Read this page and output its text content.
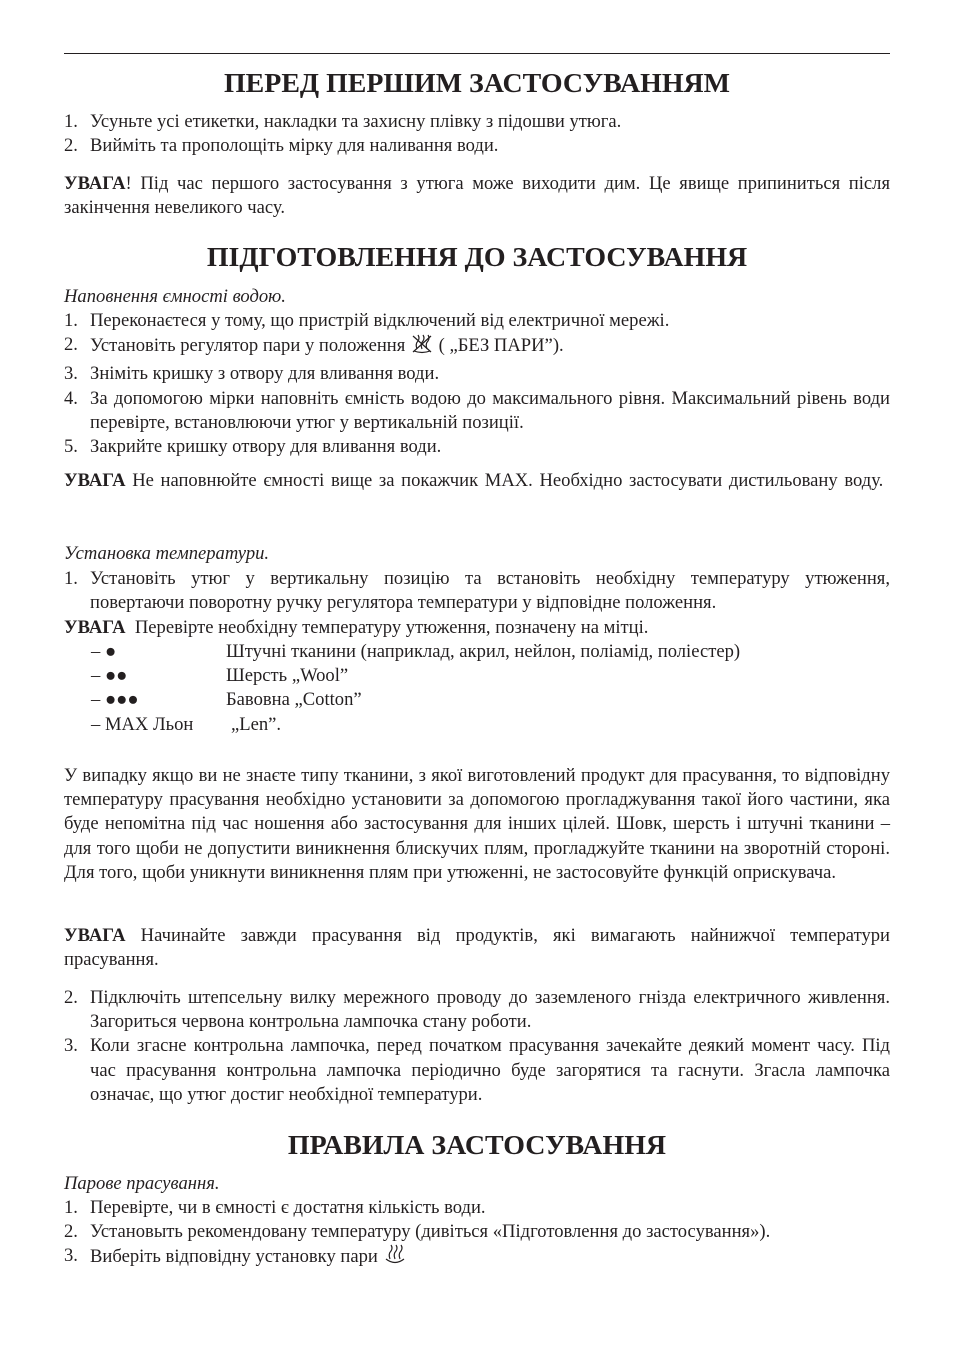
ПЕРЕД ПЕРШИМ ЗАСТОСУВАННЯМ
1. Усуньте усі етикетки, накладки та захисну плівку з підошви утюга.
2. Вийміть та прополощіть мірку для наливання води.

УВАГА! Під час першого застосування з утюга може виходити дим. Це явище припиниться після закінчення невеликого часу.

ПІДГОТОВЛЕННЯ ДО ЗАСТОСУВАННЯ

Наповнення ємності водою.

1. Переконаєтеся у тому, що пристрій відключений від електричної мережі.
2. Установіть регулятор пари у положення  ( „БЕЗ ПАРИ”).
3. Зніміть кришку з отвору для вливання води.
4. За допомогою мірки наповніть ємність водою до максимального рівня. Максимальний рівень води перевірте, встановлюючи утюг у вертикальній позиції.
5. Закрийте кришку отвору для вливання води.

УВАГА Не наповнюйте ємності вище за покажчик MAX. Необхідно застосувати дистильовану воду.

Установка температури.

1. Установіть утюг у вертикальну позицію та встановіть необхідну температуру утюження, повертаючи поворотну ручку регулятора температури у відповідне положення.

УВАГА Перевірте необхідну температуру утюження, позначену на мітці.

– ●	Штучні тканини (наприклад, акрил, нейлон, поліамід, поліестер)
– ●●	Шерсть „Wool”
– ●●●	Бавовна „Cotton”
– MAX Льон „Len”.

У випадку якщо ви не знаєте типу тканини, з якої виготовлений продукт для прасування, то відповідну температуру прасування необхідно установити за допомогою прогладжування такої його частини, яка буде непомітна під час ношення або застосування для інших цілей. Шовк, шерсть і штучні тканини – для того щоби не допустити виникнення блискучих плям, прогладжуйте тканини на зворотній стороні. Для того, щоби уникнути виникнення плям при утюженні, не застосовуйте функцій оприскувача.

УВАГА Начинайте завжди прасування від продуктів, які вимагають найнижчої температури прасування.

2. Підключіть штепсельну вилку мережного проводу до заземленого гнізда електричного живлення. Загориться червона контрольна лампочка стану роботи.
3. Коли згасне контрольна лампочка, перед початком прасування зачекайте деякий момент часу. Під час прасування контрольна лампочка періодично буде загорятися та гаснути. Згасла лампочка означає, що утюг достиг необхідної температури.
ПРАВИЛА ЗАСТОСУВАННЯ

Парове прасування.

1. Перевірте, чи в ємності є достатня кількість води.
2. Установыть рекомендовану температуру (дивіться «Підготовлення до застосування»).
3. Виберіть відповідну установку пари
